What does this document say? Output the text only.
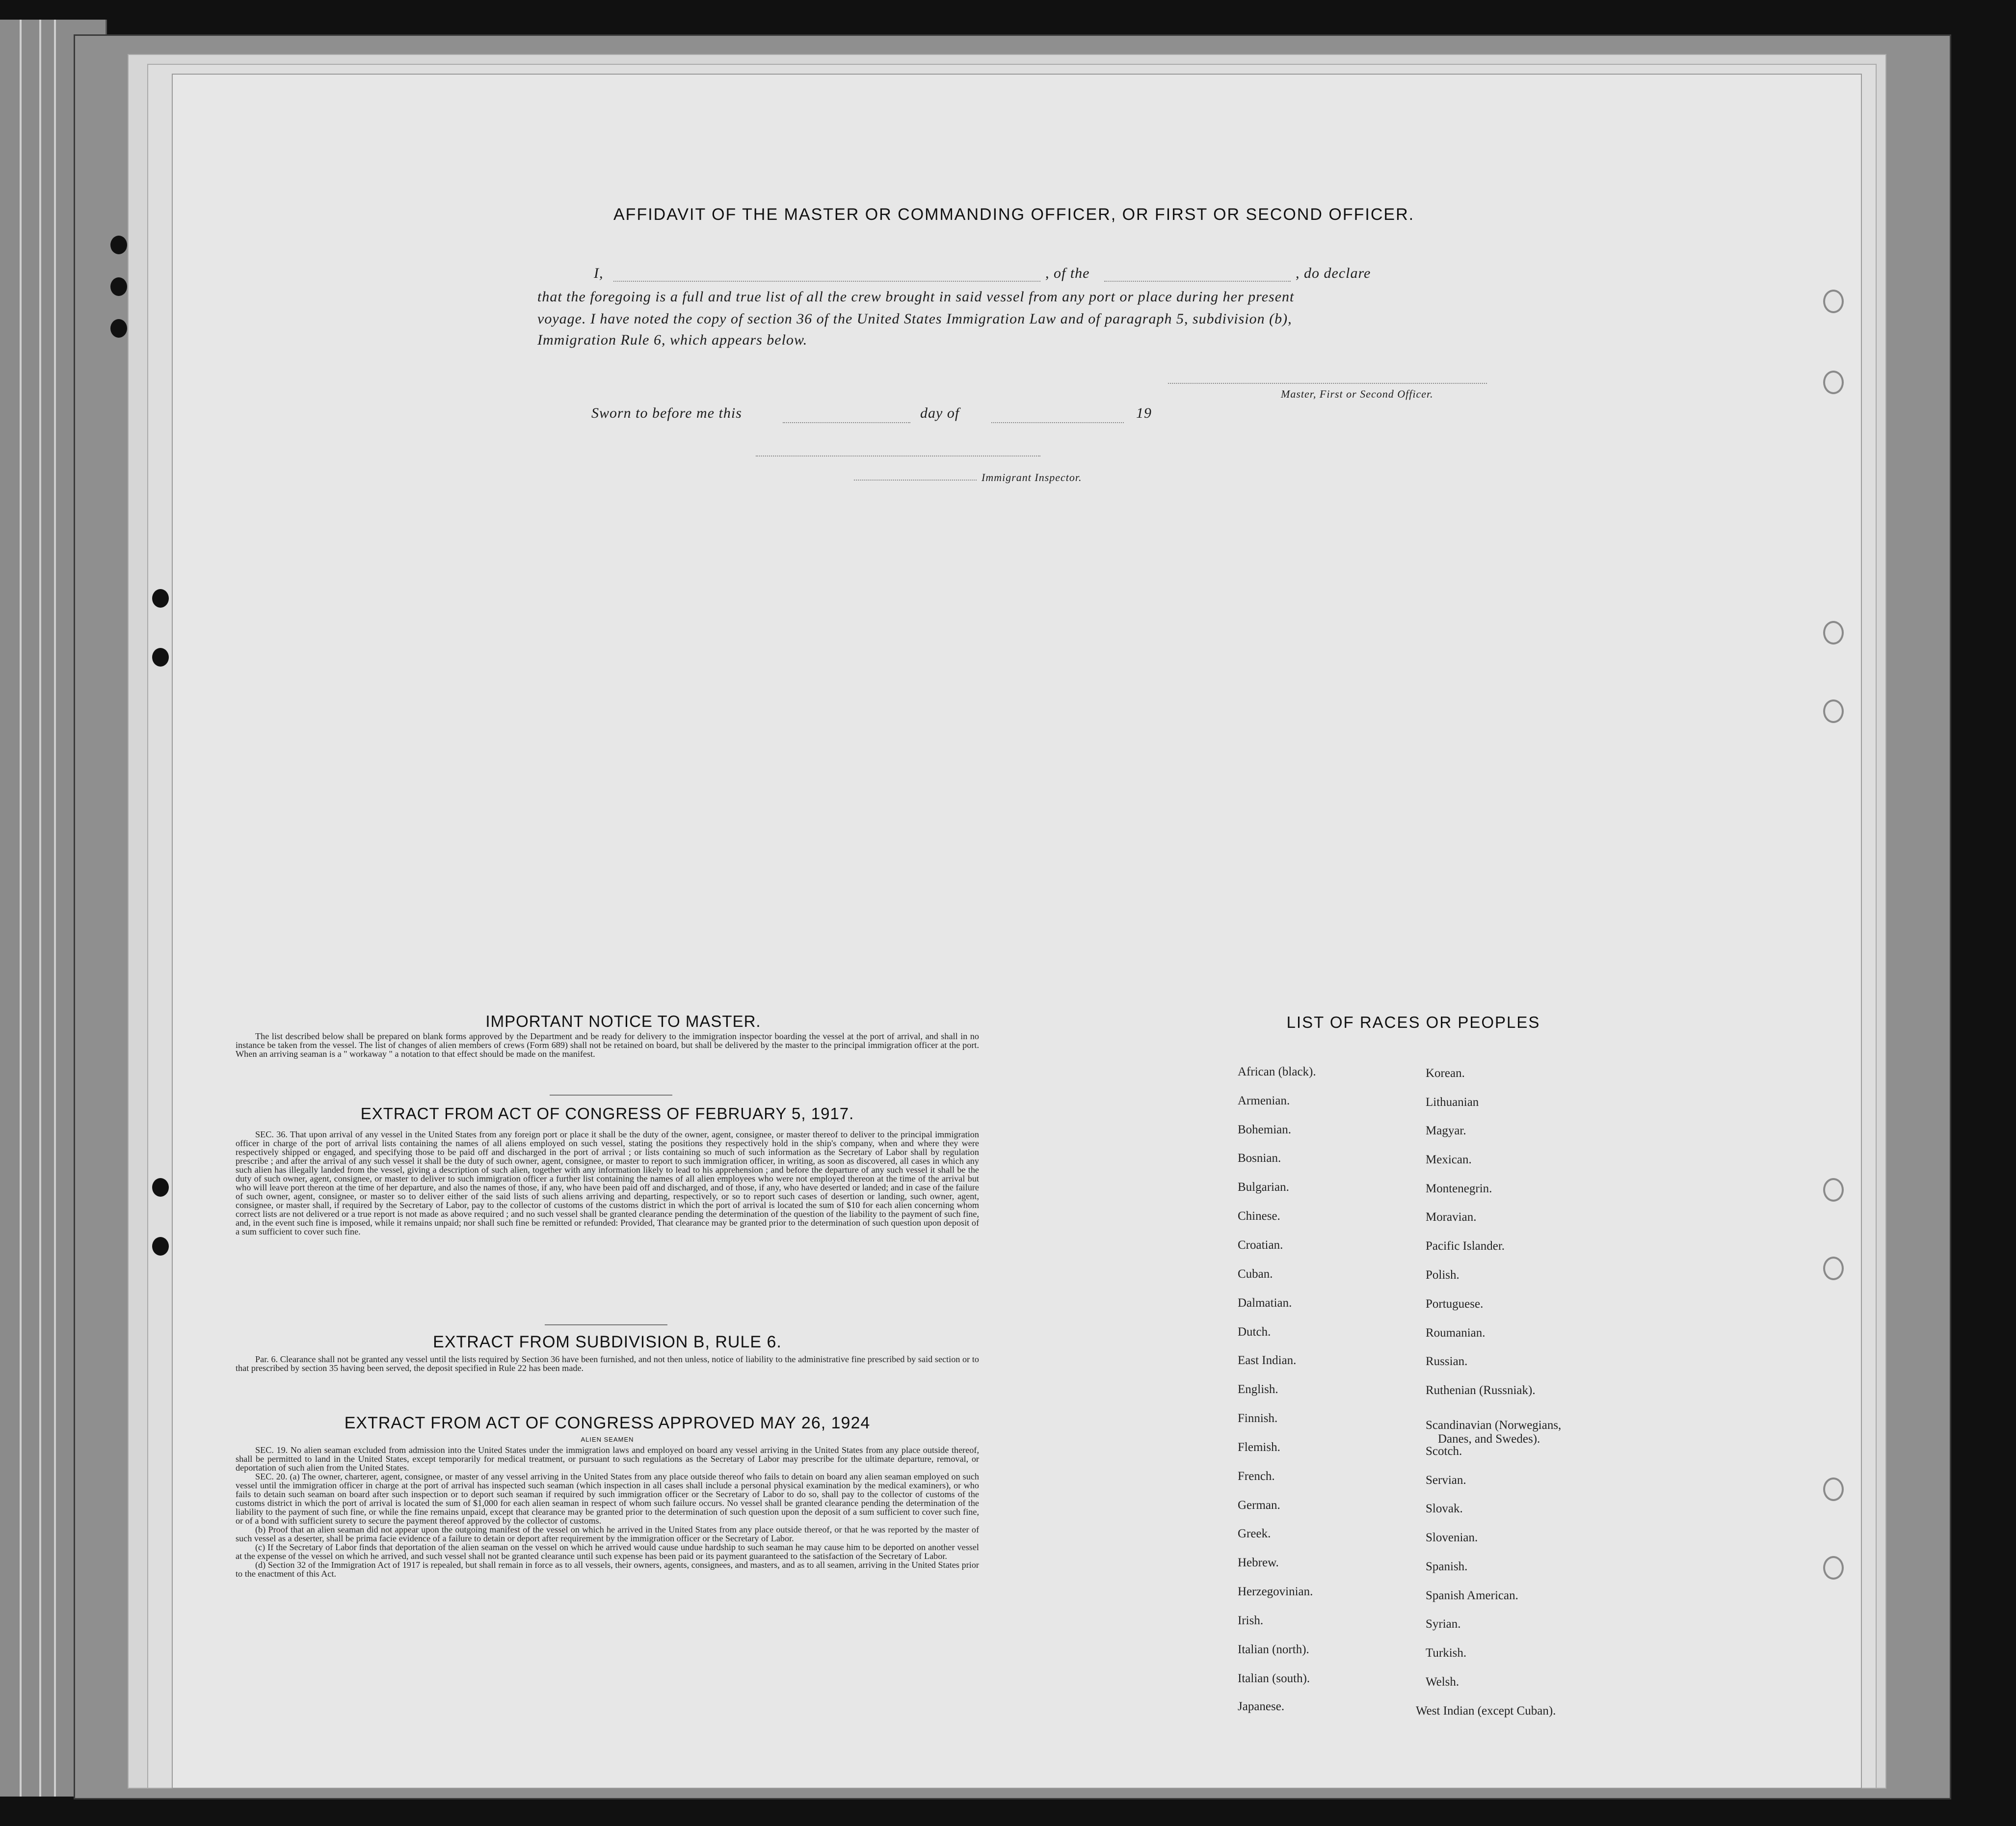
AFFIDAVIT OF THE MASTER OR COMMANDING OFFICER, OR FIRST OR SECOND OFFICER.
I,	, of the	, do declare
that the foregoing is a full and true list of all the crew brought in said vessel from any port or place during her present
voyage. I have noted the copy of section 36 of the United States Immigration Law and of paragraph 5, subdivision (b),
Immigration Rule 6, which appears below.
Master, First or Second Officer.
Sworn to before me this	day of	19
Immigrant Inspector.
IMPORTANT NOTICE TO MASTER.

The list described below shall be prepared on blank forms approved by the Department and be ready for delivery to the immigration inspector boarding the vessel at the port of arrival, and shall in no instance be taken from the vessel. The list of changes of alien members of crews (Form 689) shall not be retained on board, but shall be delivered by the master to the principal immigration officer at the port. When an arriving seaman is a " workaway " a notation to that effect should be made on the manifest.

EXTRACT FROM ACT OF CONGRESS OF FEBRUARY 5, 1917.

SEC. 36. That upon arrival of any vessel in the United States from any foreign port or place it shall be the duty of the owner, agent, consignee, or master thereof to deliver to the principal immigration officer in charge of the port of arrival lists containing the names of all aliens employed on such vessel, stating the positions they respectively hold in the ship's company, when and where they were respectively shipped or engaged, and specifying those to be paid off and discharged in the port of arrival ; or lists containing so much of such information as the Secretary of Labor shall by regulation prescribe ; and after the arrival of any such vessel it shall be the duty of such owner, agent, consignee, or master to report to such immigration officer, in writing, as soon as discovered, all cases in which any such alien has illegally landed from the vessel, giving a description of such alien, together with any information likely to lead to his apprehension ; and before the departure of any such vessel it shall be the duty of such owner, agent, consignee, or master to deliver to such immigration officer a further list containing the names of all alien employees who were not employed thereon at the time of the arrival but who will leave port thereon at the time of her departure, and also the names of those, if any, who have been paid off and discharged, and of those, if any, who have deserted or landed; and in case of the failure of such owner, agent, consignee, or master so to deliver either of the said lists of such aliens arriving and departing, respectively, or so to report such cases of desertion or landing, such owner, agent, consignee, or master shall, if required by the Secretary of Labor, pay to the collector of customs of the customs district in which the port of arrival is located the sum of $10 for each alien concerning whom correct lists are not delivered or a true report is not made as above required ; and no such vessel shall be granted clearance pending the determination of the question of the liability to the payment of such fine, and, in the event such fine is imposed, while it remains unpaid; nor shall such fine be remitted or refunded: Provided, That clearance may be granted prior to the determination of such question upon deposit of a sum sufficient to cover such fine.

EXTRACT FROM SUBDIVISION B, RULE 6.

Par. 6. Clearance shall not be granted any vessel until the lists required by Section 36 have been furnished, and not then unless, notice of liability to the administrative fine prescribed by said section or to that prescribed by section 35 having been served, the deposit specified in Rule 22 has been made.

EXTRACT FROM ACT OF CONGRESS APPROVED MAY 26, 1924
ALIEN SEAMEN

SEC. 19. No alien seaman excluded from admission into the United States under the immigration laws and employed on board any vessel arriving in the United States from any place outside thereof, shall be permitted to land in the United States, except temporarily for medical treatment, or pursuant to such regulations as the Secretary of Labor may prescribe for the ultimate departure, removal, or deportation of such alien from the United States.

SEC. 20. (a) The owner, charterer, agent, consignee, or master of any vessel arriving in the United States from any place outside thereof who fails to detain on board any alien seaman employed on such vessel until the immigration officer in charge at the port of arrival has inspected such seaman (which inspection in all cases shall include a personal physical examination by the medical examiners), or who fails to detain such seaman on board after such inspection or to deport such seaman if required by such immigration officer or the Secretary of Labor to do so, shall pay to the collector of customs of the customs district in which the port of arrival is located the sum of $1,000 for each alien seaman in respect of whom such failure occurs. No vessel shall be granted clearance pending the determination of the liability to the payment of such fine, or while the fine remains unpaid, except that clearance may be granted prior to the determination of such question upon the deposit of a sum sufficient to cover such fine, or of a bond with sufficient surety to secure the payment thereof approved by the collector of customs.

(b) Proof that an alien seaman did not appear upon the outgoing manifest of the vessel on which he arrived in the United States from any place outside thereof, or that he was reported by the master of such vessel as a deserter, shall be prima facie evidence of a failure to detain or deport after requirement by the immigration officer or the Secretary of Labor.

(c) If the Secretary of Labor finds that deportation of the alien seaman on the vessel on which he arrived would cause undue hardship to such seaman he may cause him to be deported on another vessel at the expense of the vessel on which he arrived, and such vessel shall not be granted clearance until such expense has been paid or its payment guaranteed to the satisfaction of the Secretary of Labor.

(d) Section 32 of the Immigration Act of 1917 is repealed, but shall remain in force as to all vessels, their owners, agents, consignees, and masters, and as to all seamen, arriving in the United States prior to the enactment of this Act.

LIST OF RACES OR PEOPLES
African (black).
Armenian.
Bohemian.
Bosnian.
Bulgarian.
Chinese.
Croatian.
Cuban.
Dalmatian.
Dutch.
East Indian.
English.
Finnish.
Flemish.
French.
German.
Greek.
Hebrew.
Herzegovinian.
Irish.
Italian (north).
Italian (south).
Japanese.
Korean.
Lithuanian
Magyar.
Mexican.
Montenegrin.
Moravian.
Pacific Islander.
Polish.
Portuguese.
Roumanian.
Russian.
Ruthenian (Russniak).
Scandinavian (Norwegians,
Danes, and Swedes).
Scotch.
Servian.
Slovak.
Slovenian.
Spanish.
Spanish American.
Syrian.
Turkish.
Welsh.
West Indian (except Cuban).
